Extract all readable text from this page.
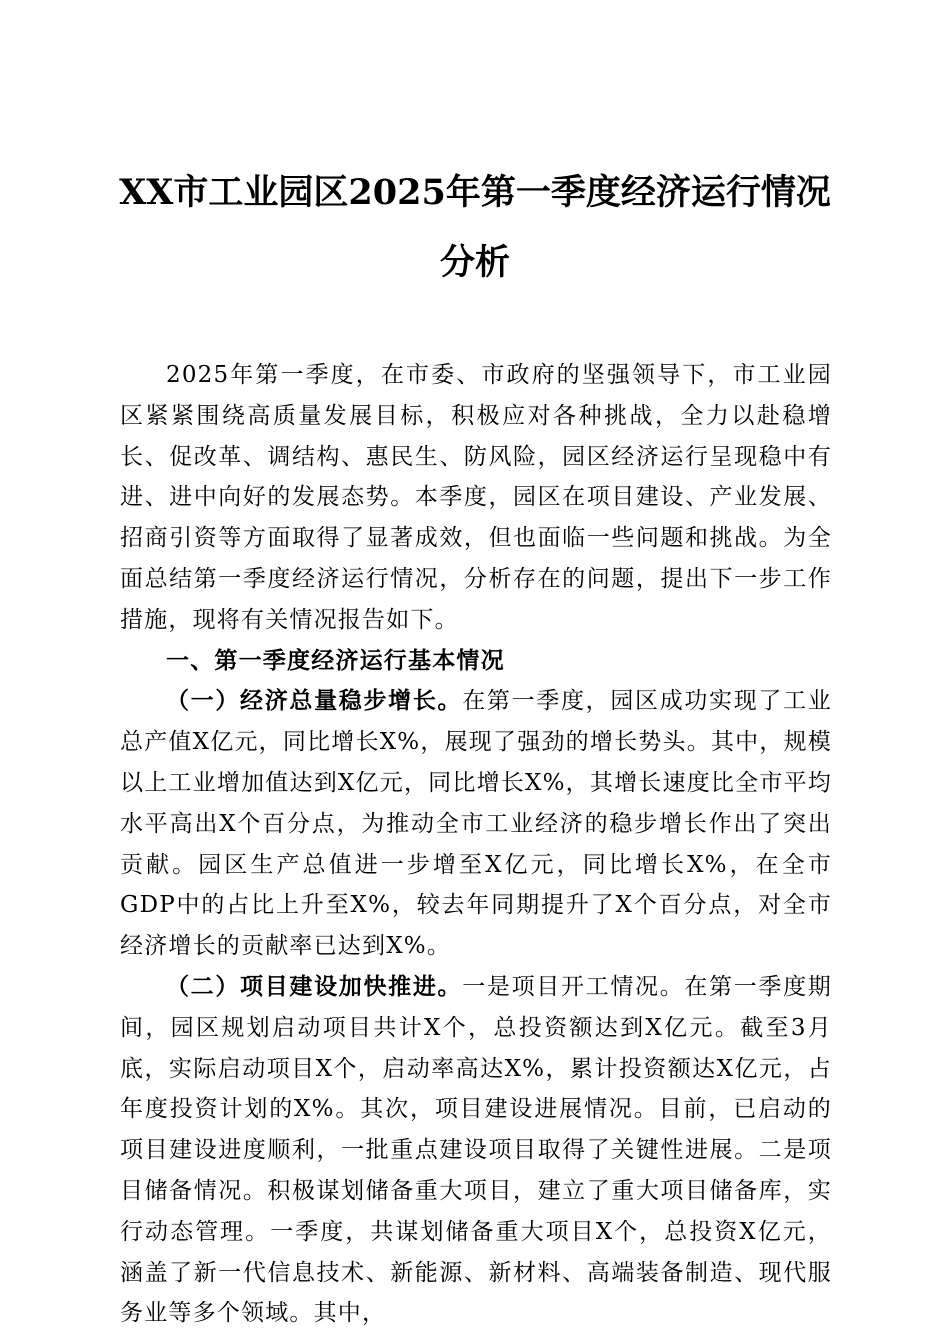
XX市工业园区2025年第一季度经济运行情况
分析

2025年第一季度，在市委、市政府的坚强领导下，市工业园区紧紧围绕高质量发展目标，积极应对各种挑战，全力以赴稳增长、促改革、调结构、惠民生、防风险，园区经济运行呈现稳中有进、进中向好的发展态势。本季度，园区在项目建设、产业发展、招商引资等方面取得了显著成效，但也面临一些问题和挑战。为全面总结第一季度经济运行情况，分析存在的问题，提出下一步工作措施，现将有关情况报告如下。

一、第一季度经济运行基本情况

（一）经济总量稳步增长。在第一季度，园区成功实现了工业总产值X亿元，同比增长X%，展现了强劲的增长势头。其中，规模以上工业增加值达到X亿元，同比增长X%，其增长速度比全市平均水平高出X个百分点，为推动全市工业经济的稳步增长作出了突出贡献。园区生产总值进一步增至X亿元，同比增长X%，在全市GDP中的占比上升至X%，较去年同期提升了X个百分点，对全市经济增长的贡献率已达到X%。

（二）项目建设加快推进。一是项目开工情况。在第一季度期间，园区规划启动项目共计X个，总投资额达到X亿元。截至3月底，实际启动项目X个，启动率高达X%，累计投资额达X亿元，占年度投资计划的X%。其次，项目建设进展情况。目前，已启动的项目建设进度顺利，一批重点建设项目取得了关键性进展。二是项目储备情况。积极谋划储备重大项目，建立了重大项目储备库，实行动态管理。一季度，共谋划储备重大项目X个，总投资X亿元，涵盖了新一代信息技术、新能源、新材料、高端装备制造、现代服务业等多个领域。其中，
